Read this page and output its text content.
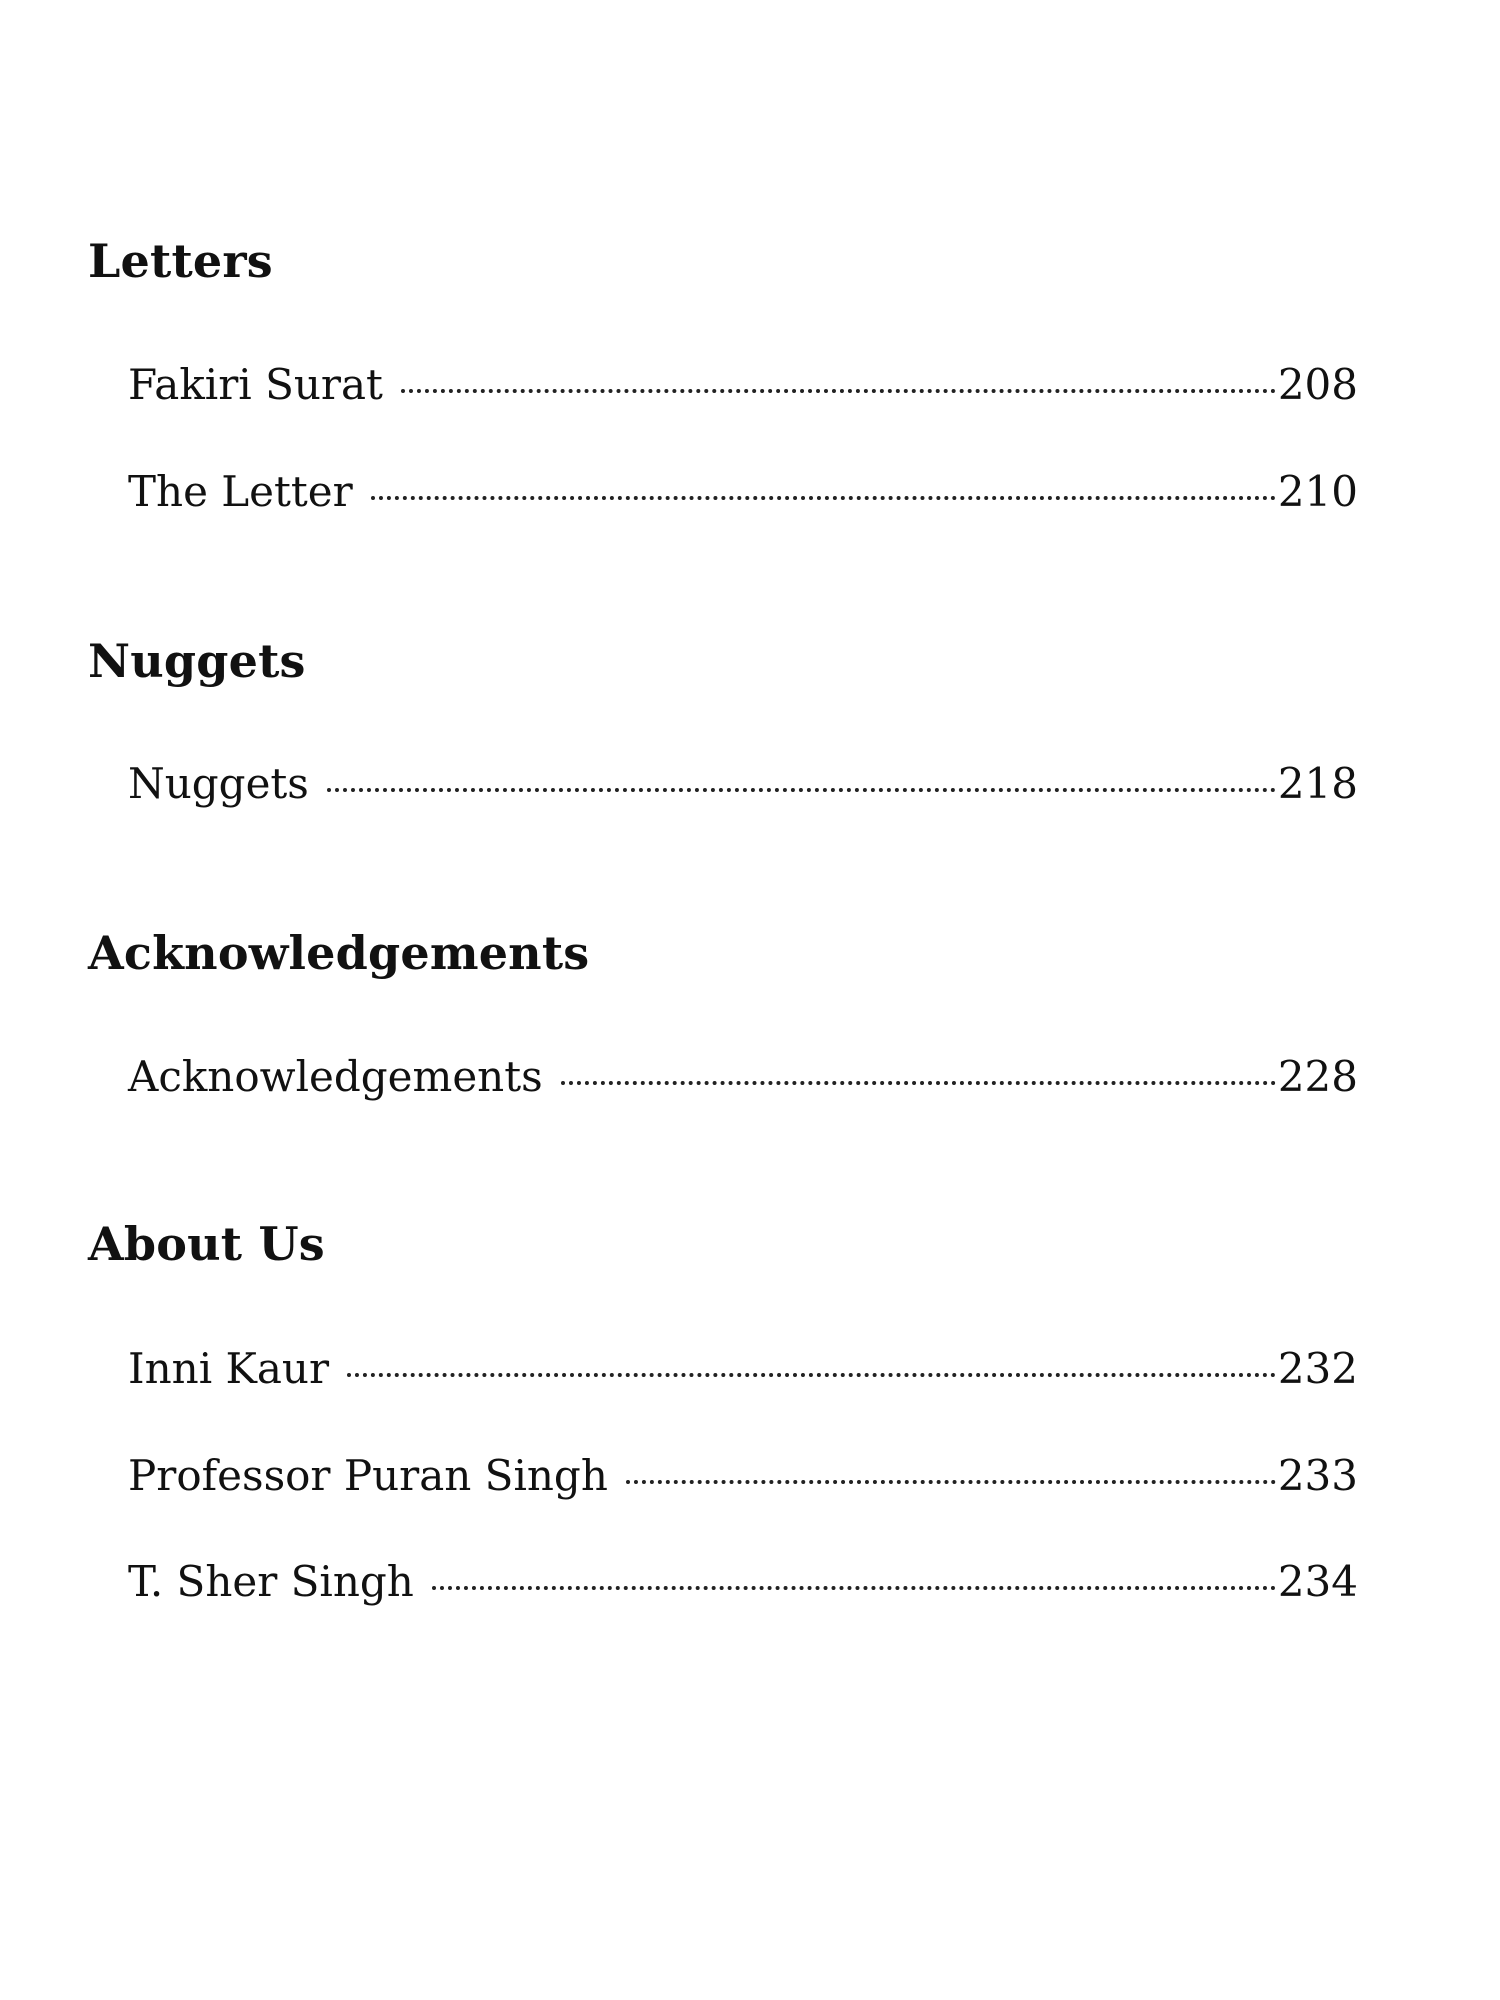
Letters
Fakiri Surat	208
The Letter	210
Nuggets
Nuggets	218
Acknowledgements
Acknowledgements	228
About Us
Inni Kaur	232
Professor Puran Singh	233
T. Sher Singh	234
